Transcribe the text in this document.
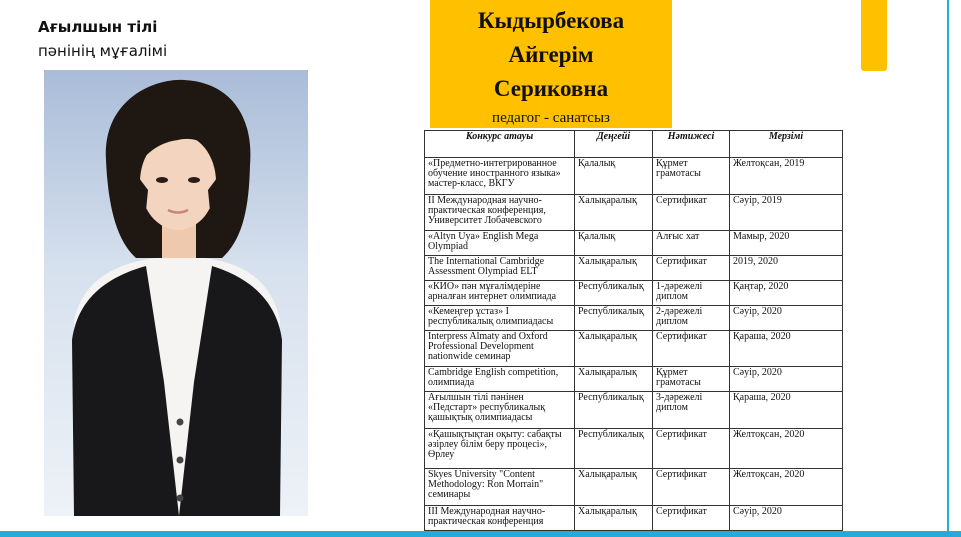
Ағылшын тілі
пәнінің мұғалімі
Кыдырбекова
Айгерім
Сериковна
педагог - санатсыз
Конкурс атауы	Деңгейі	Нәтижесі	Мерзімі
«Предметно-интегрированное обучение иностранного языка» мастер-класс, ВКГУ	Қалалық	Құрмет грамотасы	Желтоқсан, 2019
II Международная научно-практическая конференция, Университет Лобачевского	Халықаралық	Сертификат	Сәуір, 2019
«Altyn Uya» English Mega Olympiad	Қалалық	Алғыс хат	Мамыр, 2020
The International Cambridge Assessment Olympiad ELT	Халықаралық	Сертификат	2019, 2020
«КИО» пән мұғалімдеріне арналған интернет олимпиада	Республикалық	1-дәрежелі диплом	Қаңтар, 2020
«Кемеңгер ұстаз» I республикалық олимпиадасы	Республикалық	2-дәрежелі диплом	Сәуір, 2020
Interpress Almaty and Oxford Professional Development nationwide семинар	Халықаралық	Сертификат	Қараша, 2020
Cambridge English competition, олимпиада	Халықаралық	Құрмет грамотасы	Сәуір, 2020
Ағылшын тілі пәнінен «Педстарт» республикалық қашықтық олимпиадасы	Республикалық	3-дәрежелі диплом	Қараша, 2020
«Қашықтықтан оқыту: сабақты әзірлеу білім беру процесі», Өрлеу	Республикалық	Сертификат	Желтоқсан, 2020
Skyes University "Content Methodology: Ron Morrain" семинары	Халықаралық	Сертификат	Желтоқсан, 2020
III Международная научно-практическая конференция	Халықаралық	Сертификат	Сәуір, 2020
